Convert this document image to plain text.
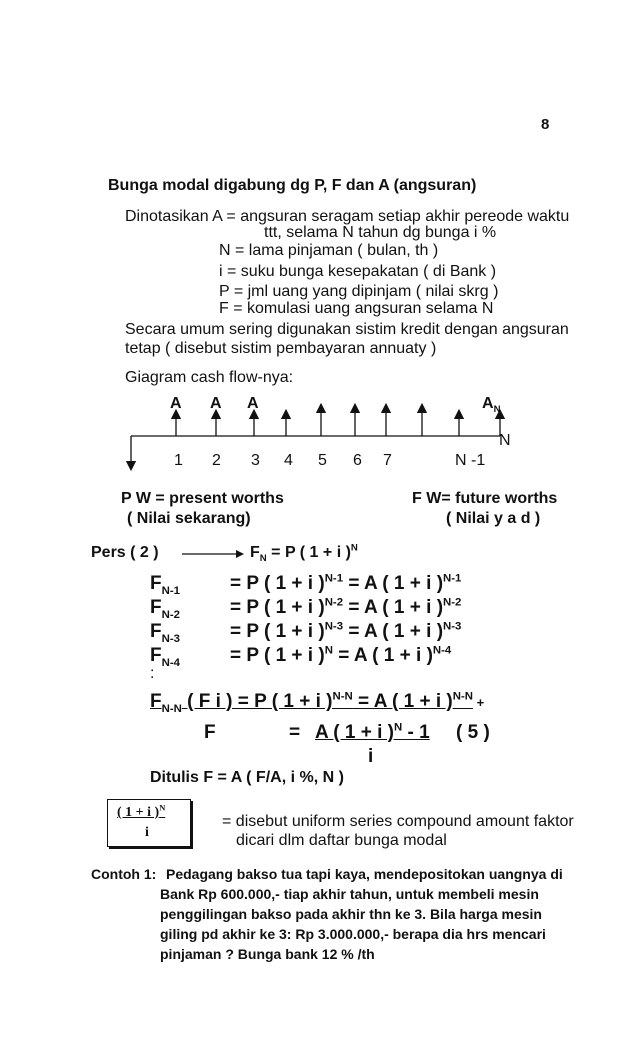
8
Bunga modal digabung dg P, F dan A (angsuran)
Dinotasikan A = angsuran seragam setiap akhir pereode waktu
ttt, selama N tahun dg bunga i %
N = lama pinjaman ( bulan, th )
i = suku bunga kesepakatan ( di Bank )
P = jml uang yang dipinjam ( nilai skrg )
F = komulasi uang angsuran selama N
Secara umum sering digunakan sistim kredit dengan angsuran
tetap ( disebut sistim pembayaran annuaty )
Giagram cash flow-nya:
A A A	$A_N$
N
1 2 3 4 5 6 7	N -1
P W = present worths
( Nilai sekarang)
F W= future worths
( Nilai y a d )
Pers ( 2 )	$F_N = P$ ( 1 + i )$^N$
$F_{N-1}$	= P ( 1 + i )$^{N-1}$ = A ( 1 + i )$^{N-1}$
$F_{N-2}$	= P ( 1 + i )$^{N-2}$ = A ( 1 + i )$^{N-2}$
$F_{N-3}$	= P ( 1 + i )$^{N-3}$ = A ( 1 + i )$^{N-3}$
$F_{N-4}$	= P ( 1 + i )$^N$ = A ( 1 + i )$^{N-4}$
:
$F_{N-N}$ ( F i ) = P ( 1 + i )$^{N-N}$ = A ( 1 + i )$^{N-N}$ +
F	= A ( 1 + i )$^N$ - 1
i
( 5 )
Ditulis F = A ( F/A, i %, N )
$\frac{( 1 + i )^N}{i}$ = disebut uniform series compound amount faktor
dicari dlm daftar bunga modal
Contoh 1: Pedagang bakso tua tapi kaya, mendepositokan uangnya di
Bank Rp 600.000,- tiap akhir tahun, untuk membeli mesin
penggilingan bakso pada akhir thn ke 3. Bila harga mesin
giling pd akhir ke 3: Rp 3.000.000,- berapa dia hrs mencari
pinjaman ? Bunga bank 12 % /th
